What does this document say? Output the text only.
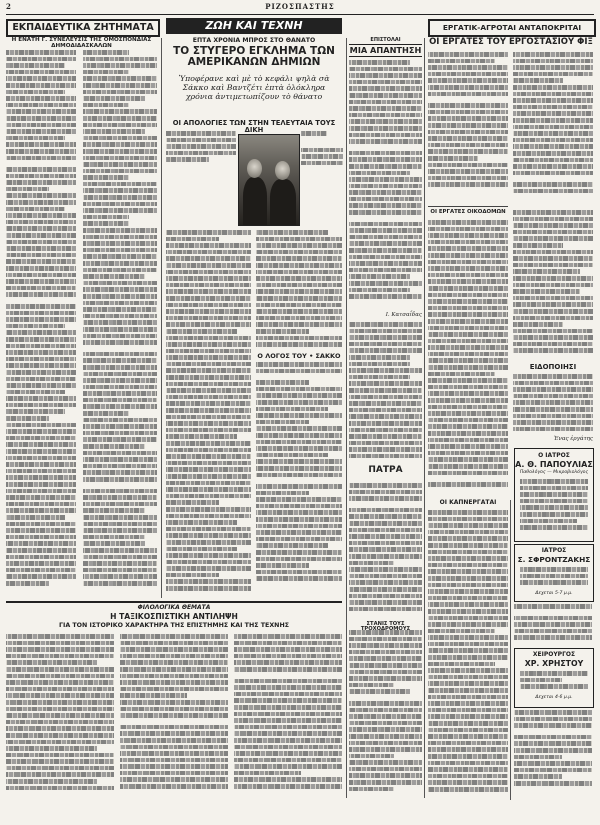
2	ΡΙΖΟΣΠΑΣΤΗΣ
ΕΚΠΑΙΔΕΥΤΙΚΑ ΖΗΤΗΜΑΤΑ
Η ΕΝΑΤΗ Γ. ΣΥΝΕΛΕΥΣΙΣ ΤΗΣ ΟΜΟΣΠΟΝΔΙΑΣ ΔΗΜΟΔΙΔΑΣΚΑΛΩΝ
ΖΩΗ ΚΑΙ ΤΕΧΝΗ
ΕΠΤΑ ΧΡΟΝΙΑ ΜΠΡΟΣ ΣΤΟ ΘΑΝΑΤΟ
ΤΟ ΣΤΥΓΕΡΟ ΕΓΚΛΗΜΑ ΤΩΝ ΑΜΕΡΙΚΑΝΩΝ ΔΗΜΙΩΝ
Ὑποφέρανε καὶ μὲ τὸ κεφάλι ψηλὰ σὰ Σάκκο καὶ Βαντζέτι ἑπτὰ ὁλόκληρα χρόνια ἀντιμετωπίζουν τὸ θάνατο
ΟΙ ΑΠΟΛΟΓΙΕΣ ΤΩΝ ΣΤΗΝ ΤΕΛΕΥΤΑΙΑ ΤΟΥΣ ΔΙΚΗ
Ο ΛΟΓΟΣ ΤΟΥ • ΣΑΚΚΟ
ΕΠΙΣΤΟΛΑΙ
ΜΙΑ ΑΠΑΝΤΗΣΗ
Ι. Κατσαΐδας
ΠΑΤΡΑ
ΣΤΑΝΙΣ ΤΟΥΣ
ΕΡΓΑΤΙΚ-ΑΓΡΟΤΑΙ ΑΝΤΑΠΟΚΡΙΤΑΙ
ΟΙ ΕΡΓΑΤΕΣ ΤΟΥ ΕΡΓΟΣΤΑΣΙΟΥ ΦΙΞ
ΟΙ ΕΡΓΑΤΕΣ ΟΙΚΟΔΟΜΩΝ
ΕΙΔΟΠΟΙΗΣΙ
Ένας ἐργάτης
Ο ΙΑΤΡΟΣ
Α. Θ. ΠΑΠΟΥΛΙΑΣ
Παθολόγος — Μικροβιολόγος
ΙΑΤΡΟΣ
Σ. ΣΦΡΟΝΤΖΑΚΗΣ
Δεχεται 5-7 μ.μ.
ΧΕΙΡΟΥΡΓΟΣ
ΧΡ. ΧΡΗΣΤΟΥ
Δεχεται 4-6 μ.μ.
ΟΙ ΚΑΠΝΕΡΓΑΤΑΙ
ΦΙΛΟΛΟΓΙΚΑ ΘΕΜΑΤΑ
Η ΤΑΞΙΚΟΣΠΙΣΤΙΚΗ ΑΝΤΙΛΗΨΗ
ΓΙΑ ΤΟΝ ΙΣΤΟΡΙΚΟ ΧΑΡΑΚΤΗΡΑ ΤΗΣ ΕΠΙΣΤΗΜΗΣ ΚΑΙ ΤΗΣ ΤΕΧΝΗΣ
